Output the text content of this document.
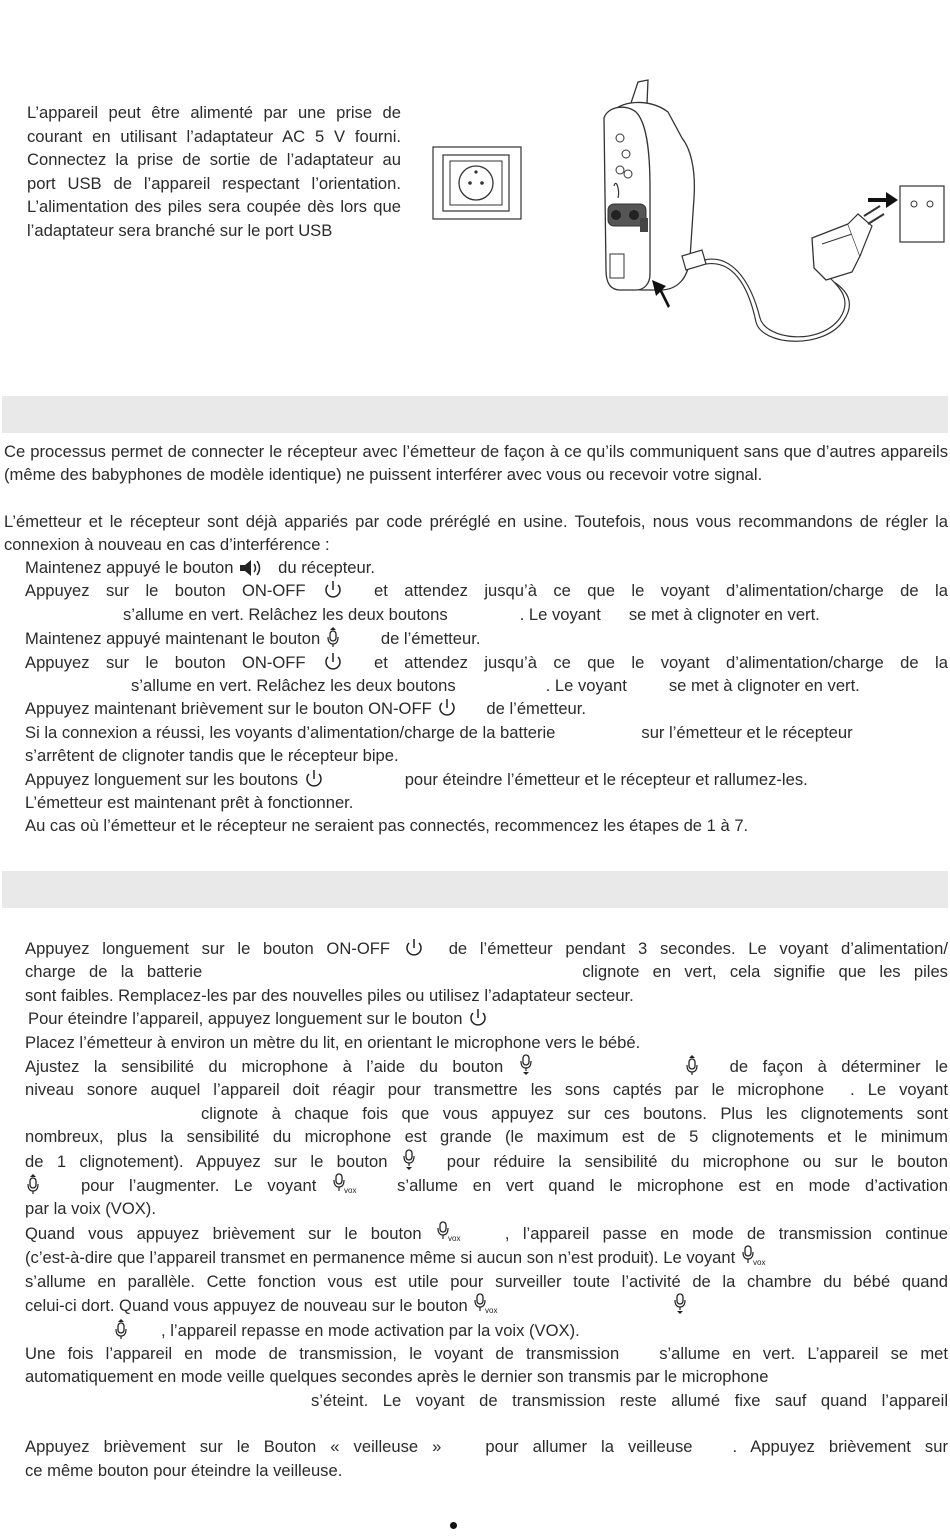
L’appareil peut être alimenté par une prise de courant en utilisant l’adaptateur AC 5 V fourni. Connectez la prise de sortie de l’adaptateur au port USB de l’appareil respectant l’orientation. L’alimentation des piles sera coupée dès lors que l’adaptateur sera branché sur le port USB
Ce processus permet de connecter le récepteur avec l’émetteur de façon à ce qu’ils communiquent sans que d’autres appareils (même des babyphones de modèle identique) ne puissent interférer avec vous ou recevoir votre signal.
L’émetteur et le récepteur sont déjà appariés par code préréglé en usine. Toutefois, nous vous recommandons de régler la connexion à nouveau en cas d’interférence :

Maintenez appuyé le bouton	du récepteur.

Appuyez sur le bouton ON-OFF	et attendez jusqu’à ce que le voyant d’alimentation/charge de la

s’allume en vert. Relâchez les deux boutons	. Le voyant se met à clignoter en vert.

Maintenez appuyé maintenant le bouton	de l’émetteur.

Appuyez sur le bouton ON-OFF	et attendez jusqu’à ce que le voyant d’alimentation/charge de la

s’allume en vert. Relâchez les deux boutons	. Le voyant	se met à clignoter en vert.

Appuyez maintenant brièvement sur le bouton ON-OFF	de l’émetteur.

Si la connexion a réussi, les voyants d’alimentation/charge de la batterie	sur l’émetteur et le récepteur

s’arrêtent de clignoter tandis que le récepteur bipe.

Appuyez longuement sur les boutons	pour éteindre l’émetteur et le récepteur et rallumez-les.

L’émetteur est maintenant prêt à fonctionner.

Au cas où l’émetteur et le récepteur ne seraient pas connectés, recommencez les étapes de 1 à 7.

Appuyez longuement sur le bouton ON-OFF	de l’émetteur pendant 3 secondes. Le voyant d’alimentation/

charge de la batterie	clignote en vert, cela signifie que les piles

sont faibles. Remplacez-les par des nouvelles piles ou utilisez l’adaptateur secteur.

Pour éteindre l’appareil, appuyez longuement sur le bouton

Placez l’émetteur à environ un mètre du lit, en orientant le microphone vers le bébé.

Ajustez la sensibilité du microphone à l’aide du bouton	de façon à déterminer le

niveau sonore auquel l’appareil doit réagir pour transmettre les sons captés par le microphone . Le voyant

clignote à chaque fois que vous appuyez sur ces boutons. Plus les clignotements sont

nombreux, plus la sensibilité du microphone est grande (le maximum est de 5 clignotements et le minimum

de 1 clignotement). Appuyez sur le bouton	pour réduire la sensibilité du microphone ou sur le bouton

pour l’augmenter. Le voyant	vox s’allume en vert quand le microphone est en mode d’activation

par la voix (VOX).

Quand vous appuyez brièvement sur le bouton	vox	, l’appareil passe en mode de transmission continue

(c’est-à-dire que l’appareil transmet en permanence même si aucun son n’est produit). Le voyant vox

s’allume en parallèle. Cette fonction vous est utile pour surveiller toute l’activité de la chambre du bébé quand

celui-ci dort. Quand vous appuyez de nouveau sur le bouton vox

, l’appareil repasse en mode activation par la voix (VOX).

Une fois l’appareil en mode de transmission, le voyant de transmission s’allume en vert. L’appareil se met

automatiquement en mode veille quelques secondes après le dernier son transmis par le microphone

s’éteint. Le voyant de transmission reste allumé fixe sauf quand l’appareil

Appuyez brièvement sur le Bouton « veilleuse »	pour allumer la veilleuse . Appuyez brièvement sur

ce même bouton pour éteindre la veilleuse.
